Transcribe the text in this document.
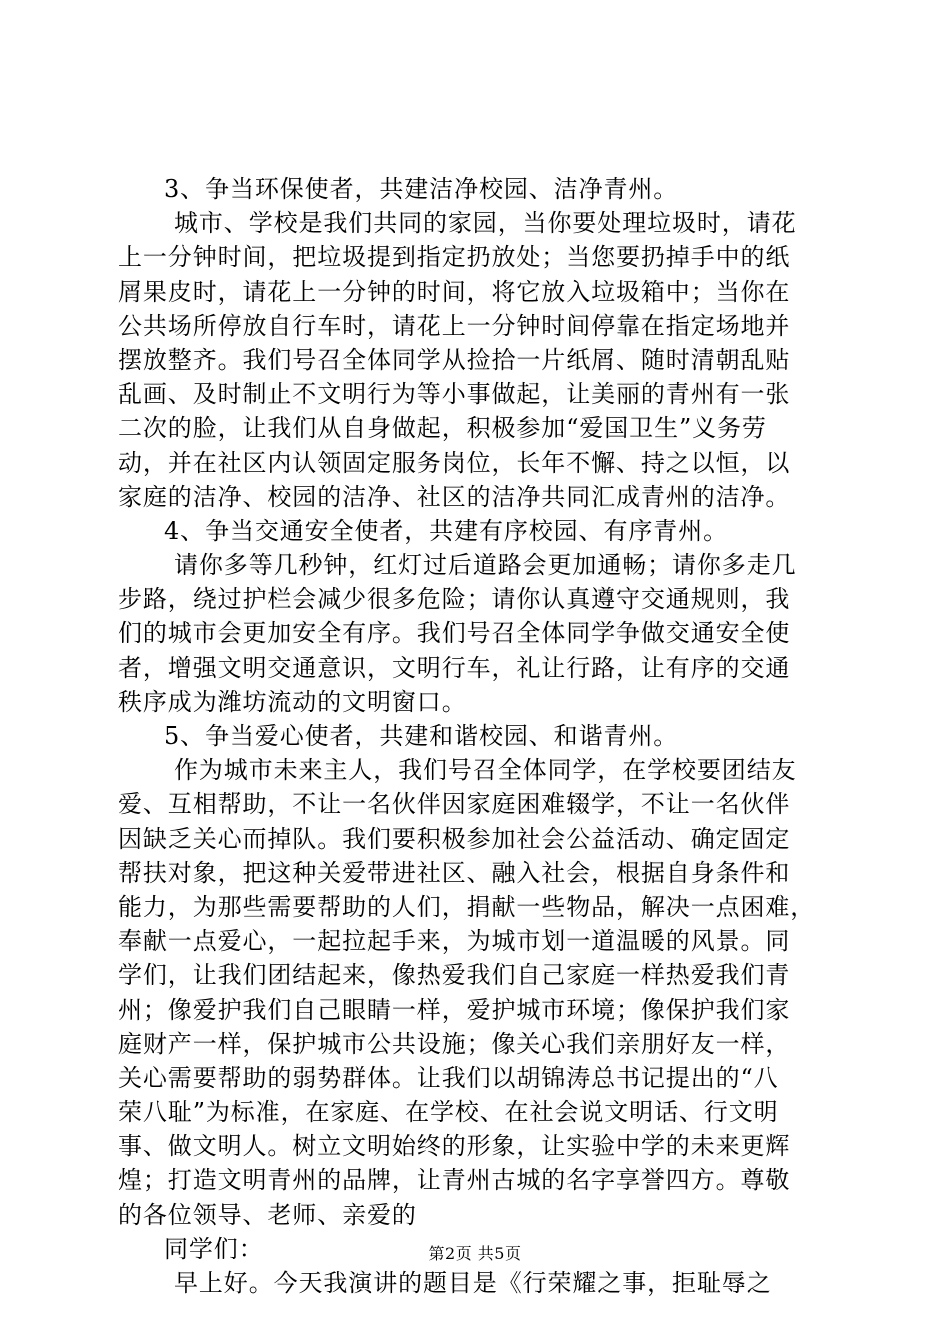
3、争当环保使者，共建洁净校园、洁净青州。
城市、学校是我们共同的家园，当你要处理垃圾时，请花
上一分钟时间，把垃圾提到指定扔放处；当您要扔掉手中的纸
屑果皮时，请花上一分钟的时间，将它放入垃圾箱中；当你在
公共场所停放自行车时，请花上一分钟时间停靠在指定场地并
摆放整齐。我们号召全体同学从捡拾一片纸屑、随时清朝乱贴
乱画、及时制止不文明行为等小事做起，让美丽的青州有一张
二次的脸，让我们从自身做起，积极参加“爱国卫生”义务劳
动，并在社区内认领固定服务岗位，长年不懈、持之以恒，以
家庭的洁净、校园的洁净、社区的洁净共同汇成青州的洁净。
4、争当交通安全使者，共建有序校园、有序青州。
请你多等几秒钟，红灯过后道路会更加通畅；请你多走几
步路，绕过护栏会减少很多危险；请你认真遵守交通规则，我
们的城市会更加安全有序。我们号召全体同学争做交通安全使
者，增强文明交通意识，文明行车，礼让行路，让有序的交通
秩序成为潍坊流动的文明窗口。
5、争当爱心使者，共建和谐校园、和谐青州。
作为城市未来主人，我们号召全体同学，在学校要团结友
爱、互相帮助，不让一名伙伴因家庭困难辍学，不让一名伙伴
因缺乏关心而掉队。我们要积极参加社会公益活动、确定固定
帮扶对象，把这种关爱带进社区、融入社会，根据自身条件和
能力，为那些需要帮助的人们，捐献一些物品，解决一点困难，
奉献一点爱心，一起拉起手来，为城市划一道温暖的风景。同
学们，让我们团结起来，像热爱我们自己家庭一样热爱我们青
州；像爱护我们自己眼睛一样，爱护城市环境；像保护我们家
庭财产一样，保护城市公共设施；像关心我们亲朋好友一样，
关心需要帮助的弱势群体。让我们以胡锦涛总书记提出的“八
荣八耻”为标准，在家庭、在学校、在社会说文明话、行文明
事、做文明人。树立文明始终的形象，让实验中学的未来更辉
煌；打造文明青州的品牌，让青州古城的名字享誉四方。尊敬
的各位领导、老师、亲爱的
同学们：
早上好。今天我演讲的题目是《行荣耀之事，拒耻辱之
第2页 共5页
